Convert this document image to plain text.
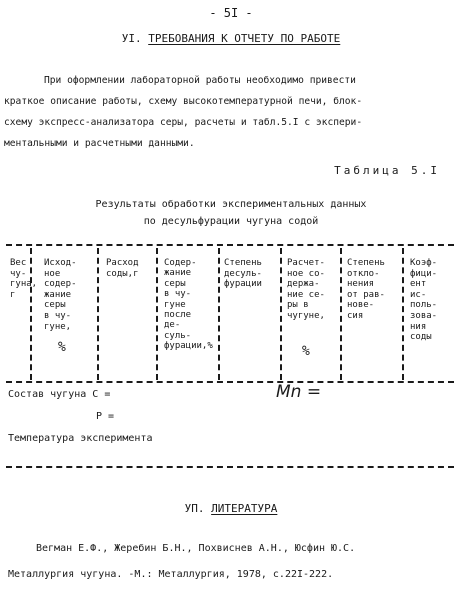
- 5I -
УI. ТРЕБОВАНИЯ К ОТЧЕТУ ПО РАБОТЕ
При оформлении лабораторной работы необходимо привести
краткое описание работы, схему высокотемпературной печи, блок-
схему экспресс-анализатора серы, расчеты и табл.5.I с экспери-
ментальными и расчетными данными.
Таблица 5.I
Результаты обработки экспериментальных данных
по десульфурации чугуна содой
Вес
чу-
гуна,
г
Исход-
ное
содер-
жание
серы
в чу-
гуне,
%
Расход
соды,г
Содер-
жание
серы
в чу-
гуне
после
де-
суль-
фурации,%
Степень
десуль-
фурации
Расчет-
ное со-
держа-
ние се-
ры в
чугуне,
%
Степень
откло-
нения
от рав-
нове-
сия
Коэф-
фици-
ент
ис-
поль-
зова-
ния
соды
Состав чугуна C =	Mn =
P =
Температура эксперимента
УП. ЛИТЕРАТУРА
Вегман Е.Ф., Жеребин Б.Н., Похвиснев А.Н., Юсфин Ю.С.
Металлургия чугуна. -М.: Металлургия, 1978, с.22I-222.
